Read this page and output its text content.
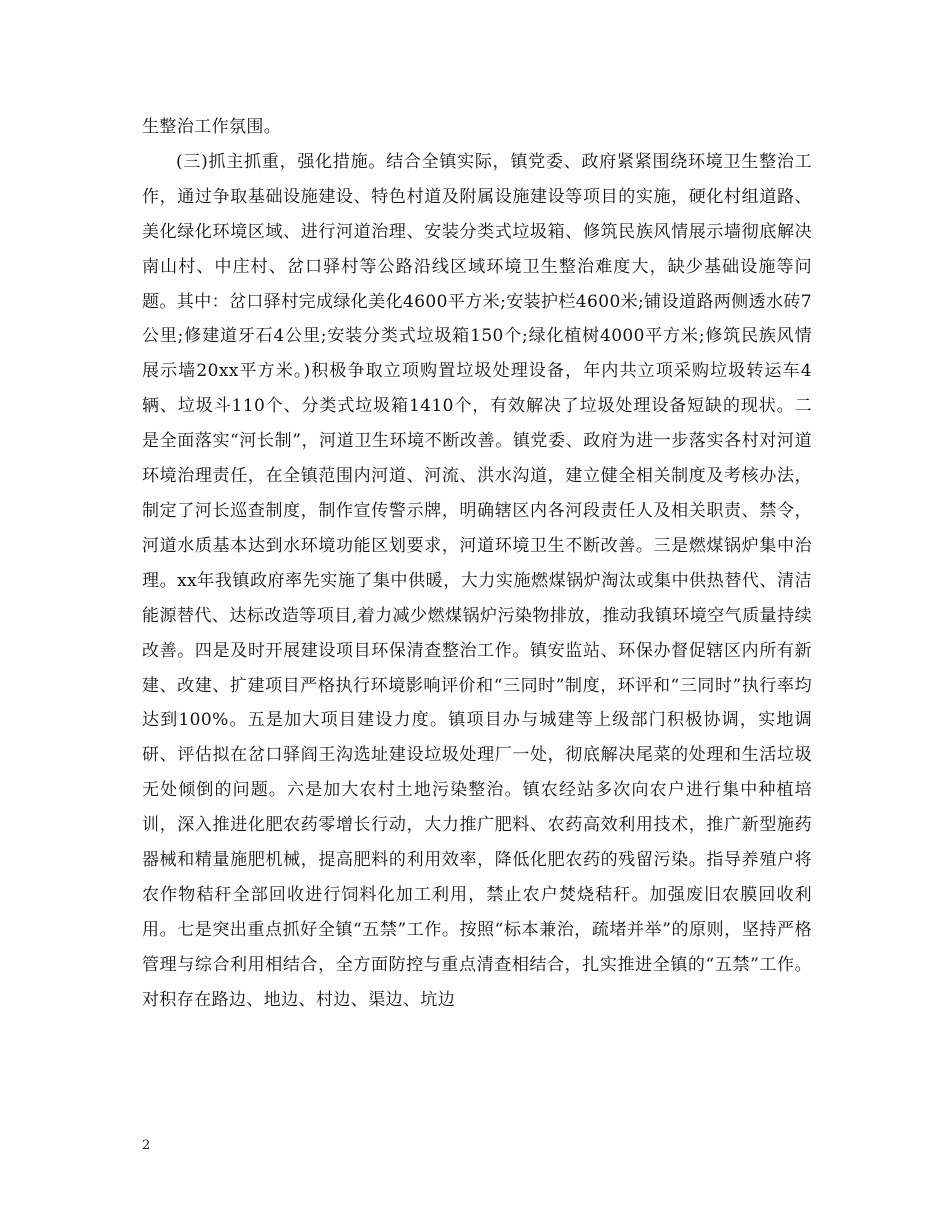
生整治工作氛围。

(三)抓主抓重，强化措施。结合全镇实际，镇党委、政府紧紧围绕环境卫生整治工作，通过争取基础设施建设、特色村道及附属设施建设等项目的实施，硬化村组道路、美化绿化环境区域、进行河道治理、安装分类式垃圾箱、修筑民族风情展示墙彻底解决南山村、中庄村、岔口驿村等公路沿线区域环境卫生整治难度大，缺少基础设施等问题。其中：岔口驿村完成绿化美化4600平方米;安装护栏4600米;铺设道路两侧透水砖7公里;修建道牙石4公里;安装分类式垃圾箱150个;绿化植树4000平方米;修筑民族风情展示墙20xx平方米。)积极争取立项购置垃圾处理设备，年内共立项采购垃圾转运车4辆、垃圾斗110个、分类式垃圾箱1410个，有效解决了垃圾处理设备短缺的现状。二是全面落实“河长制”，河道卫生环境不断改善。镇党委、政府为进一步落实各村对河道环境治理责任，在全镇范围内河道、河流、洪水沟道，建立健全相关制度及考核办法，制定了河长巡查制度，制作宣传警示牌，明确辖区内各河段责任人及相关职责、禁令，河道水质基本达到水环境功能区划要求，河道环境卫生不断改善。三是燃煤锅炉集中治理。xx年我镇政府率先实施了集中供暖，大力实施燃煤锅炉淘汰或集中供热替代、清洁能源替代、达标改造等项目,着力减少燃煤锅炉污染物排放，推动我镇环境空气质量持续改善。四是及时开展建设项目环保清查整治工作。镇安监站、环保办督促辖区内所有新建、改建、扩建项目严格执行环境影响评价和“三同时”制度，环评和“三同时”执行率均达到100%。五是加大项目建设力度。镇项目办与城建等上级部门积极协调，实地调研、评估拟在岔口驿阎王沟选址建设垃圾处理厂一处，彻底解决尾菜的处理和生活垃圾无处倾倒的问题。六是加大农村土地污染整治。镇农经站多次向农户进行集中种植培训，深入推进化肥农药零增长行动，大力推广肥料、农药高效利用技术，推广新型施药器械和精量施肥机械，提高肥料的利用效率，降低化肥农药的残留污染。指导养殖户将农作物秸秆全部回收进行饲料化加工利用，禁止农户焚烧秸秆。加强废旧农膜回收利用。七是突出重点抓好全镇“五禁”工作。按照“标本兼治，疏堵并举”的原则，坚持严格管理与综合利用相结合，全方面防控与重点清查相结合，扎实推进全镇的“五禁”工作。对积存在路边、地边、村边、渠边、坑边

2
